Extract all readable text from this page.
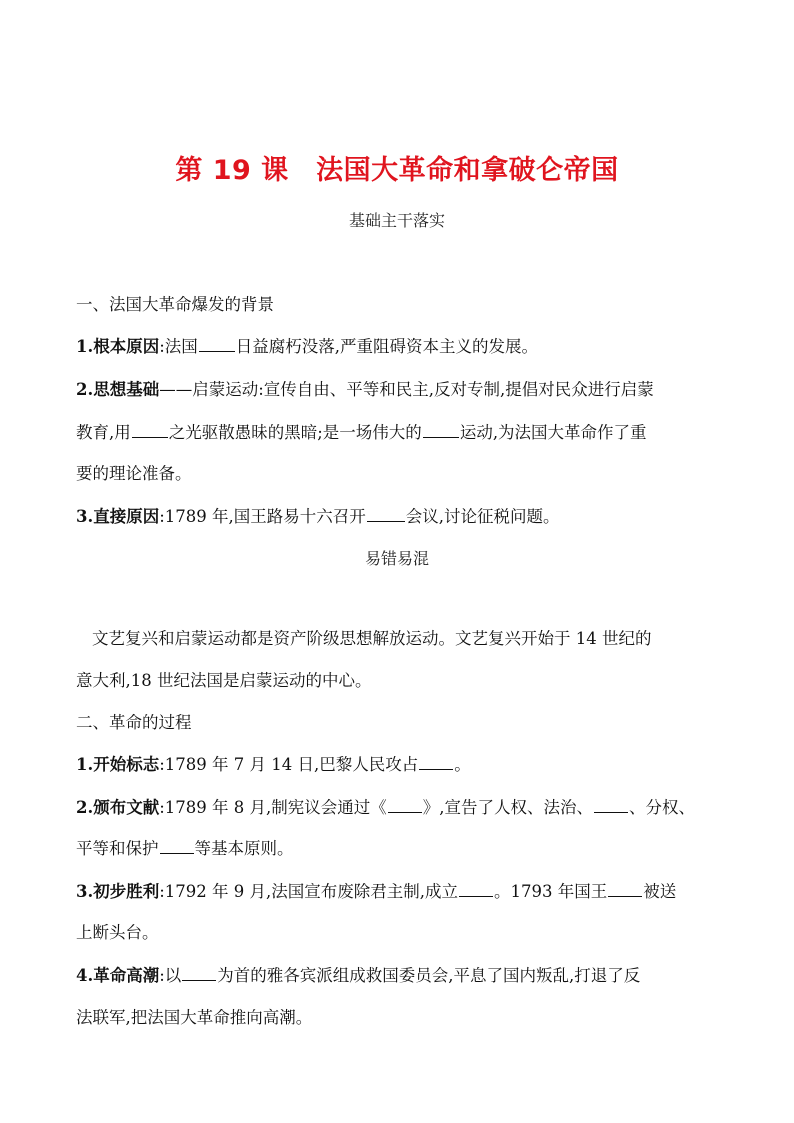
第 19 课　法国大革命和拿破仑帝国
基础主干落实
一、法国大革命爆发的背景
1.根本原因:法国 日益腐朽没落,严重阻碍资本主义的发展。
2.思想基础——启蒙运动:宣传自由、平等和民主,反对专制,提倡对民众进行启蒙
教育,用 之光驱散愚昧的黑暗;是一场伟大的 运动,为法国大革命作了重
要的理论准备。
3.直接原因:1789 年,国王路易十六召开 会议,讨论征税问题。
易错易混
文艺复兴和启蒙运动都是资产阶级思想解放运动。文艺复兴开始于 14 世纪的
意大利,18 世纪法国是启蒙运动的中心。
二、革命的过程
1.开始标志:1789 年 7 月 14 日,巴黎人民攻占 。
2.颁布文献:1789 年 8 月,制宪议会通过《 》,宣告了人权、法治、 、分权、
平等和保护 等基本原则。
3.初步胜利:1792 年 9 月,法国宣布废除君主制,成立 。1793 年国王 被送
上断头台。
4.革命高潮:以 为首的雅各宾派组成救国委员会,平息了国内叛乱,打退了反
法联军,把法国大革命推向高潮。
